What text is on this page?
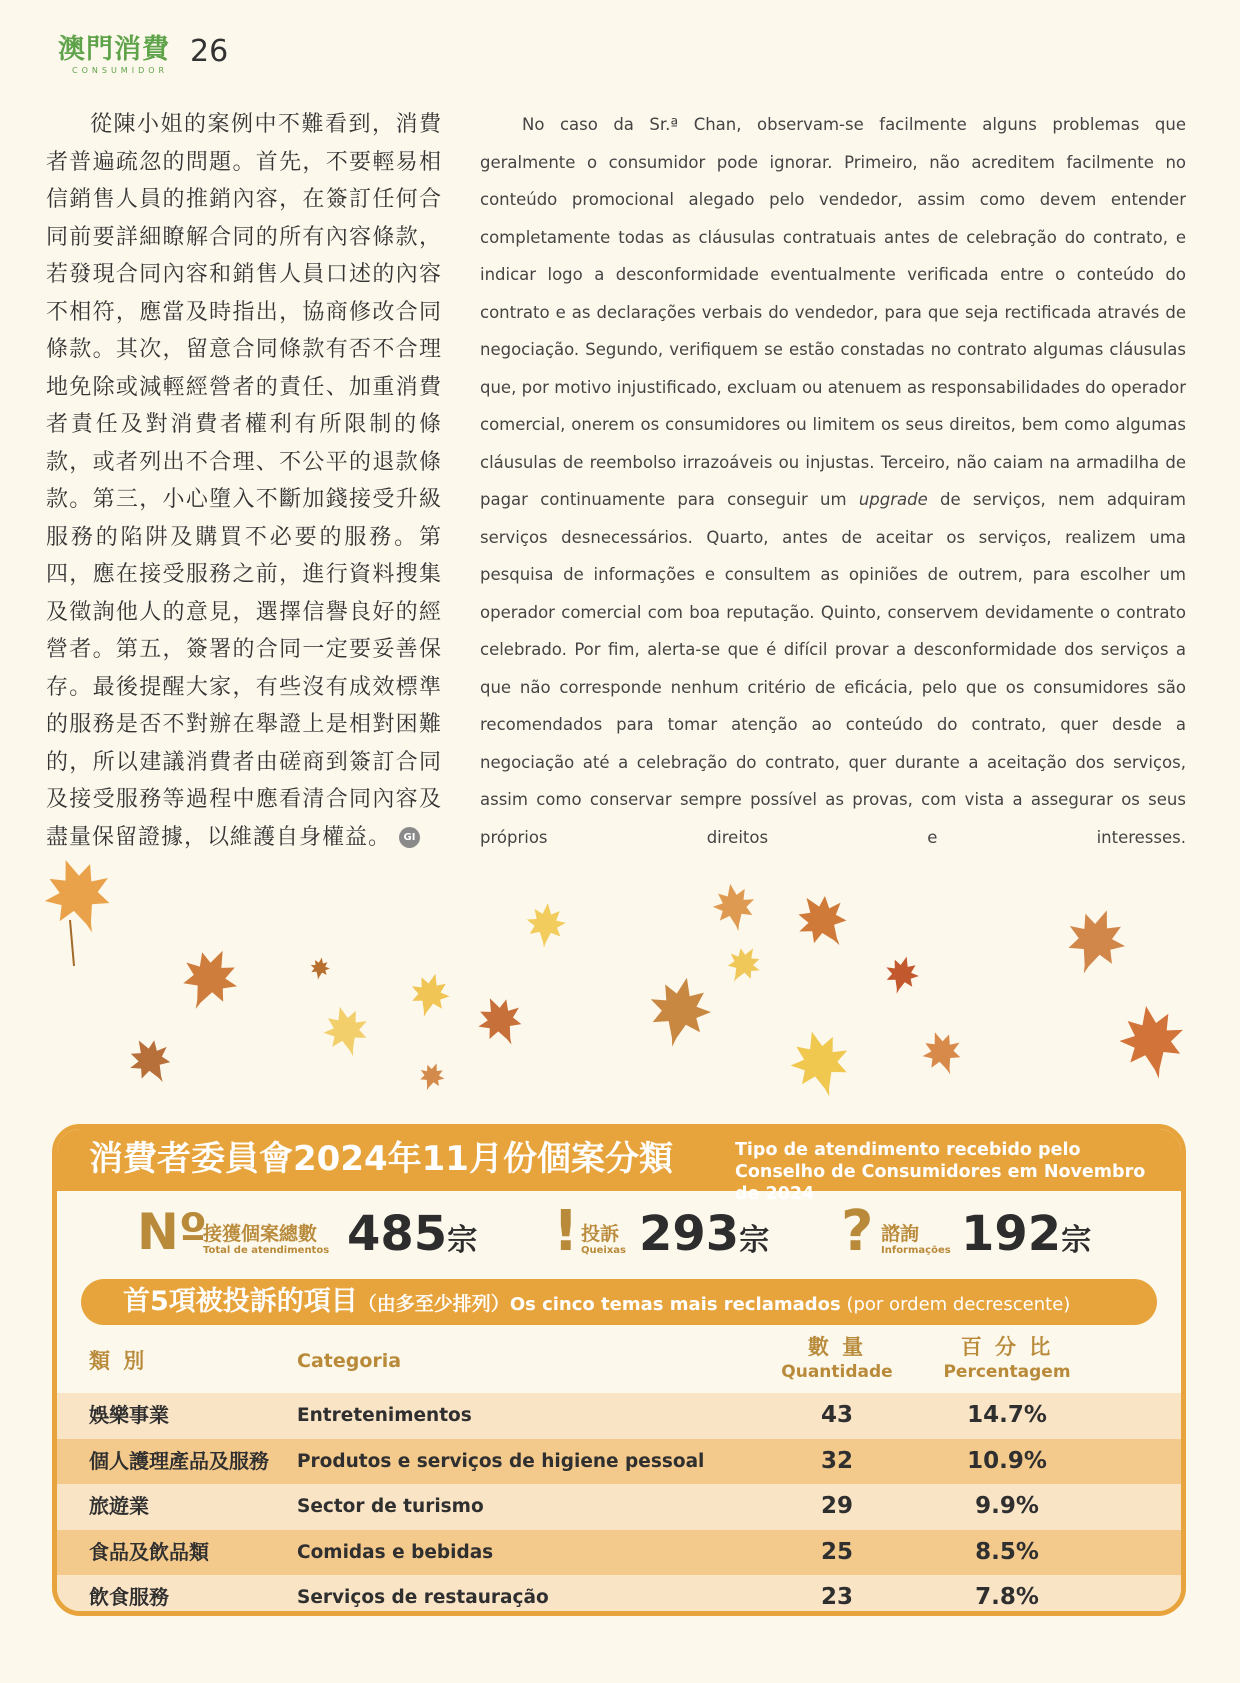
澳門消費
CONSUMIDOR
26
從陳小姐的案例中不難看到，消費者普遍疏忽的問題。首先，不要輕易相信銷售人員的推銷內容，在簽訂任何合同前要詳細瞭解合同的所有內容條款，若發現合同內容和銷售人員口述的內容不相符，應當及時指出，協商修改合同條款。其次，留意合同條款有否不合理地免除或減輕經營者的責任、加重消費者責任及對消費者權利有所限制的條款，或者列出不合理、不公平的退款條款。第三，小心墮入不斷加錢接受升級服務的陷阱及購買不必要的服務。第四，應在接受服務之前，進行資料搜集及徵詢他人的意見，選擇信譽良好的經營者。第五，簽署的合同一定要妥善保存。最後提醒大家，有些沒有成效標準的服務是否不對辦在舉證上是相對困難的，所以建議消費者由磋商到簽訂合同及接受服務等過程中應看清合同內容及盡量保留證據，以維護自身權益。 GI
No caso da Sr.ª Chan, observam-se facilmente alguns problemas que geralmente o consumidor pode ignorar. Primeiro, não acreditem facilmente no conteúdo promocional alegado pelo vendedor, assim como devem entender completamente todas as cláusulas contratuais antes de celebração do contrato, e indicar logo a desconformidade eventualmente verificada entre o conteúdo do contrato e as declarações verbais do vendedor, para que seja rectificada através de negociação. Segundo, verifiquem se estão constadas no contrato algumas cláusulas que, por motivo injustificado, excluam ou atenuem as responsabilidades do operador comercial, onerem os consumidores ou limitem os seus direitos, bem como algumas cláusulas de reembolso irrazoáveis ou injustas. Terceiro, não caiam na armadilha de pagar continuamente para conseguir um upgrade de serviços, nem adquiram serviços desnecessários. Quarto, antes de aceitar os serviços, realizem uma pesquisa de informações e consultem as opiniões de outrem, para escolher um operador comercial com boa reputação. Quinto, conservem devidamente o contrato celebrado. Por fim, alerta-se que é difícil provar a desconformidade dos serviços a que não corresponde nenhum critério de eficácia, pelo que os consumidores são recomendados para tomar atenção ao conteúdo do contrato, quer desde a negociação até a celebração do contrato, quer durante a aceitação dos serviços, assim como conservar sempre possível as provas, com vista a assegurar os seus próprios direitos e interesses.
消費者委員會2024年11月份個案分類	Tipo de atendimento recebido pelo Conselho de Consumidores em Novembro de 2024
Nº
接獲個案總數
Total de atendimentos 485宗 ! 投訴
Queixas 293宗 ? 諮詢
Informações 192宗
首5項被投訴的項目（由多至少排列）Os cinco temas mais reclamados (por ordem decrescente)
類 別	Categoria
數 量
Quantidade
百 分 比
Percentagem
娛樂事業	Entretenimentos	43	14.7%
個人護理產品及服務 Produtos e serviços de higiene pessoal	32	10.9%
旅遊業	Sector de turismo	29	9.9%
食品及飲品類	Comidas e bebidas	25	8.5%
飲食服務	Serviços de restauração	23	7.8%
